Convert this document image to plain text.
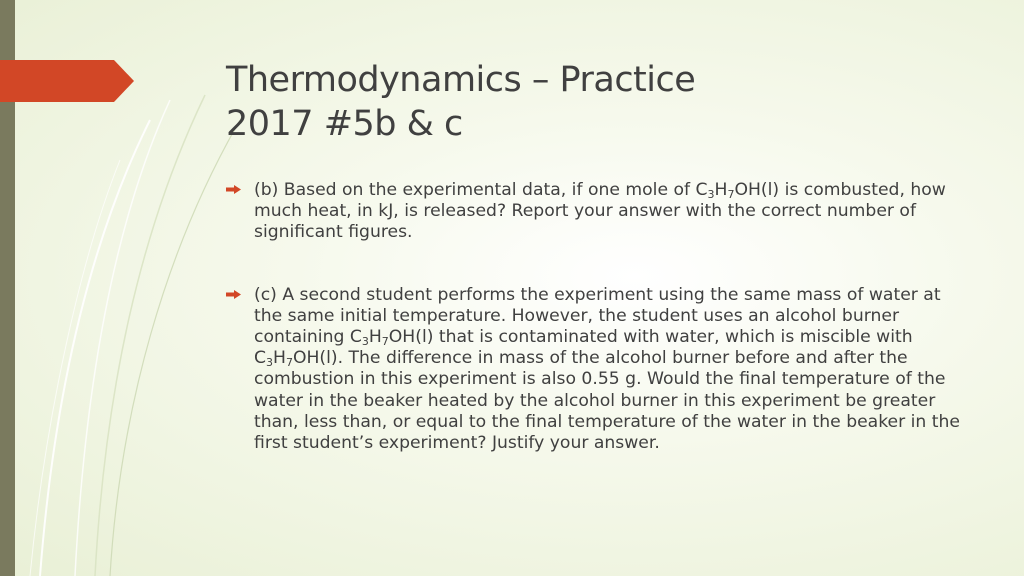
Thermodynamics – Practice
2017 #5b & c
(b) Based on the experimental data, if one mole of $C_3H_7OH(l)$ is combusted, how much heat, in kJ, is released? Report your answer with the correct number of significant figures.
(c) A second student performs the experiment using the same mass of water at the same initial temperature. However, the student uses an alcohol burner containing $C_3H_7OH(l)$ that is contaminated with water, which is miscible with $C_3H_7OH(l)$. The difference in mass of the alcohol burner before and after the combustion in this experiment is also 0.55 g. Would the final temperature of the water in the beaker heated by the alcohol burner in this experiment be greater than, less than, or equal to the final temperature of the water in the beaker in the first student’s experiment? Justify your answer.
